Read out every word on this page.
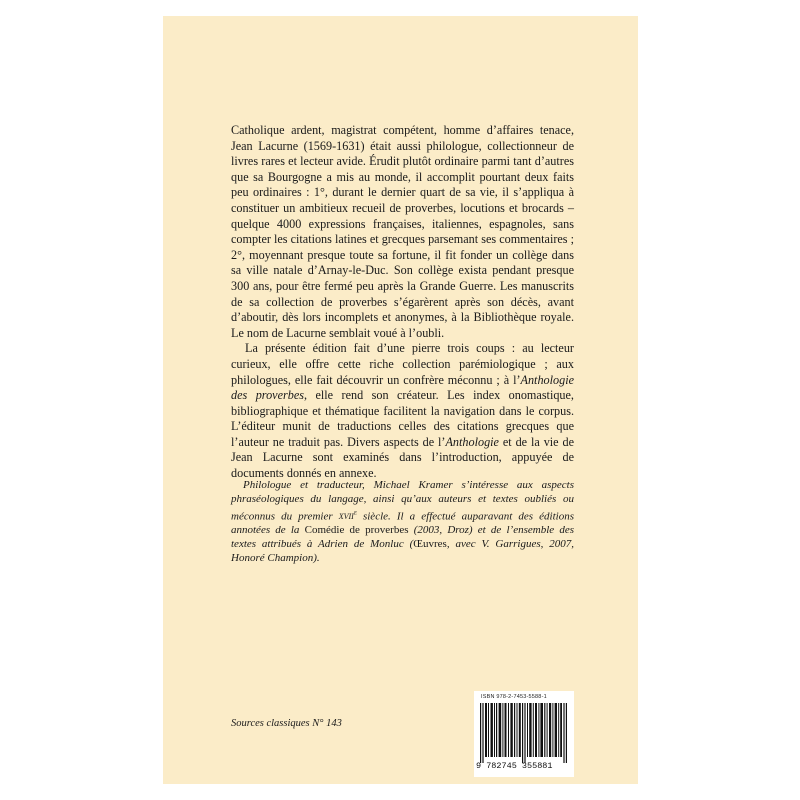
Catholique ardent, magistrat compétent, homme d’affaires tenace, Jean Lacurne (1569-1631) était aussi philologue, collectionneur de livres rares et lecteur avide. Érudit plutôt ordinaire parmi tant d’autres que sa Bourgogne a mis au monde, il accomplit pourtant deux faits peu ordinaires : 1°, durant le dernier quart de sa vie, il s’appliqua à constituer un ambitieux recueil de proverbes, locutions et brocards – quelque 4000 expressions françaises, italiennes, espagnoles, sans compter les citations latines et grecques parsemant ses commentaires ; 2°, moyennant presque toute sa fortune, il fit fonder un collège dans sa ville natale d’Arnay-le-Duc. Son collège exista pendant presque 300 ans, pour être fermé peu après la Grande Guerre. Les manuscrits de sa collection de proverbes s’égarèrent après son décès, avant d’aboutir, dès lors incomplets et anonymes, à la Bibliothèque royale. Le nom de Lacurne semblait voué à l’oubli.

La présente édition fait d’une pierre trois coups : au lecteur curieux, elle offre cette riche collection parémiologique ; aux philologues, elle fait découvrir un confrère méconnu ; à l’Anthologie des proverbes, elle rend son créateur. Les index onomastique, bibliographique et thématique facilitent la navigation dans le corpus. L’éditeur munit de traductions celles des citations grecques que l’auteur ne traduit pas. Divers aspects de l’Anthologie et de la vie de Jean Lacurne sont examinés dans l’introduction, appuyée de documents donnés en annexe.

Philologue et traducteur, Michael Kramer s’intéresse aux aspects phraséologiques du langage, ainsi qu’aux auteurs et textes oubliés ou méconnus du premier xvii$^e$ siècle. Il a effectué auparavant des éditions annotées de la Comédie de proverbes (2003, Droz) et de l’ensemble des textes attribués à Adrien de Monluc (Œuvres, avec V. Garrigues, 2007, Honoré Champion).

Sources classiques N° 143
ISBN 978-2-7453-5588-1
9 782745 355881
